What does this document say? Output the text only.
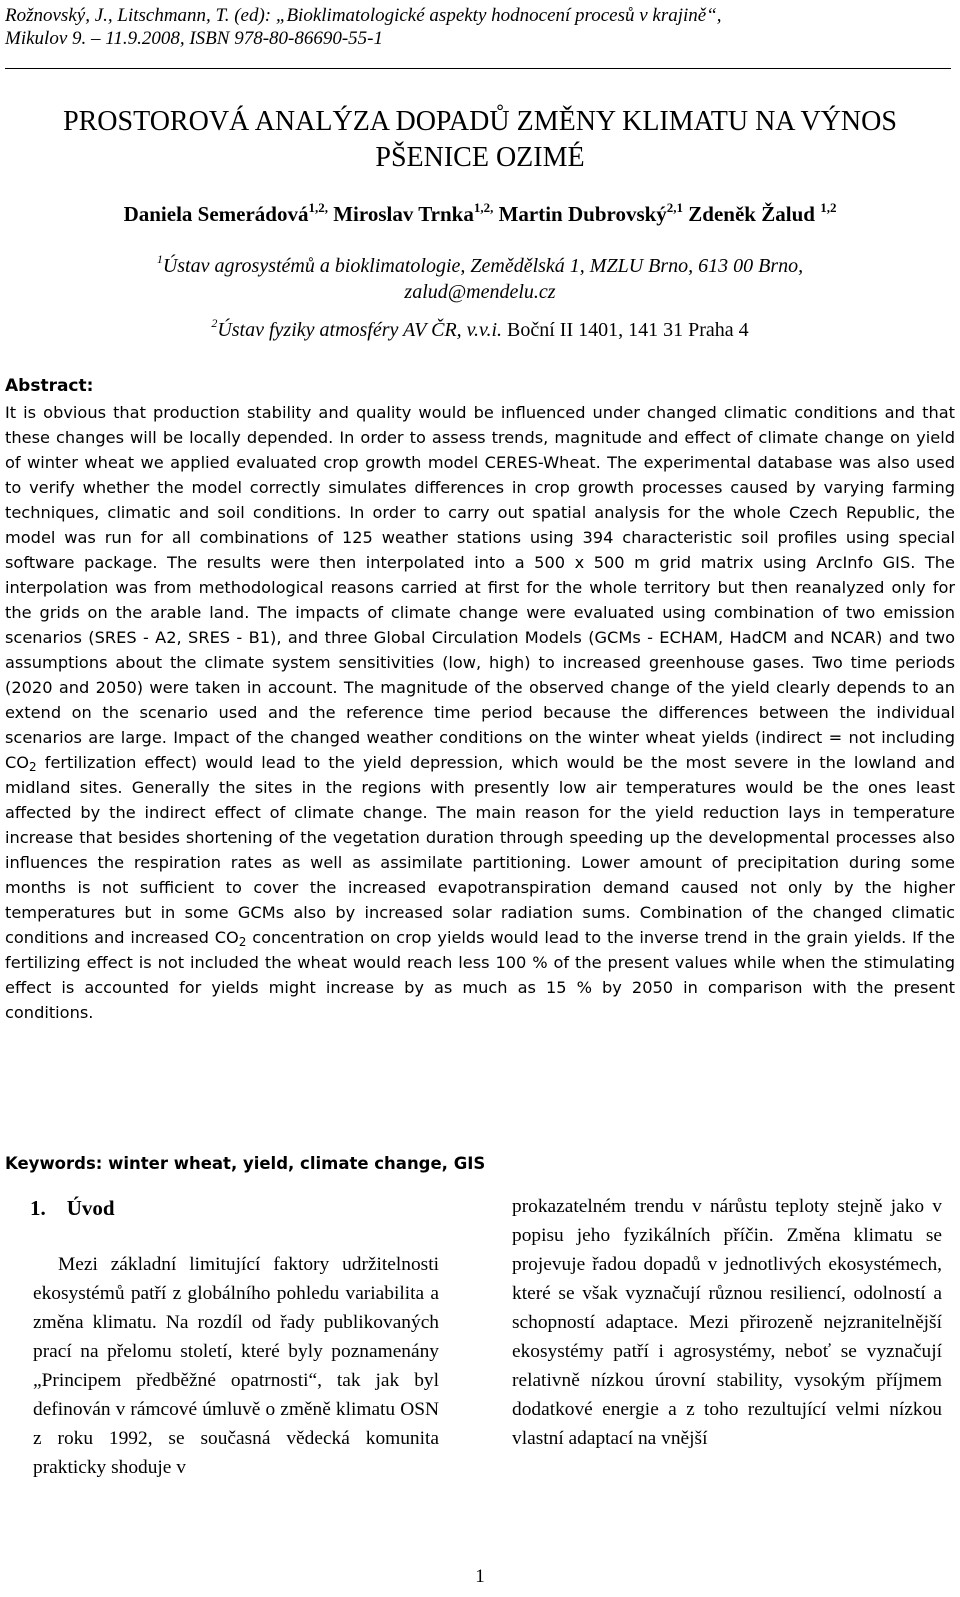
Rožnovský, J., Litschmann, T. (ed): „Bioklimatologické aspekty hodnocení procesů v krajině“,
Mikulov 9. – 11.9.2008, ISBN 978-80-86690-55-1
PROSTOROVÁ ANALÝZA DOPADŮ ZMĚNY KLIMATU NA VÝNOS
PŠENICE OZIMÉ
Daniela Semerádová$^{1,2,}$ Miroslav Trnka$^{1,2,}$ Martin Dubrovský$^{2,1}$ Zdeněk Žalud $^{1,2}$
$^1$Ústav agrosystémů a bioklimatologie, Zemědělská 1, MZLU Brno, 613 00 Brno,
zalud@mendelu.cz
$^2$Ústav fyziky atmosféry AV ČR, v.v.i. Boční II 1401, 141 31 Praha 4
Abstract:

It is obvious that production stability and quality would be influenced under changed climatic conditions and that these changes will be locally depended. In order to assess trends, magnitude and effect of climate change on yield of winter wheat we applied evaluated crop growth model CERES-Wheat. The experimental database was also used to verify whether the model correctly simulates differences in crop growth processes caused by varying farming techniques, climatic and soil conditions. In order to carry out spatial analysis for the whole Czech Republic, the model was run for all combinations of 125 weather stations using 394 characteristic soil profiles using special software package. The results were then interpolated into a 500 x 500 m grid matrix using ArcInfo GIS. The interpolation was from methodological reasons carried at first for the whole territory but then reanalyzed only for the grids on the arable land. The impacts of climate change were evaluated using combination of two emission scenarios (SRES - A2, SRES - B1), and three Global Circulation Models (GCMs - ECHAM, HadCM and NCAR) and two assumptions about the climate system sensitivities (low, high) to increased greenhouse gases. Two time periods (2020 and 2050) were taken in account. The magnitude of the observed change of the yield clearly depends to an extend on the scenario used and the reference time period because the differences between the individual scenarios are large. Impact of the changed weather conditions on the winter wheat yields (indirect = not including $CO_2$ fertilization effect) would lead to the yield depression, which would be the most severe in the lowland and midland sites. Generally the sites in the regions with presently low air temperatures would be the ones least affected by the indirect effect of climate change. The main reason for the yield reduction lays in temperature increase that besides shortening of the vegetation duration through speeding up the developmental processes also influences the respiration rates as well as assimilate partitioning. Lower amount of precipitation during some months is not sufficient to cover the increased evapotranspiration demand caused not only by the higher temperatures but in some GCMs also by increased solar radiation sums. Combination of the changed climatic conditions and increased $CO_2$ concentration on crop yields would lead to the inverse trend in the grain yields. If the fertilizing effect is not included the wheat would reach less 100 % of the present values while when the stimulating effect is accounted for yields might increase by as much as 15 % by 2050 in comparison with the present conditions.

Keywords: winter wheat, yield, climate change, GIS
1. Úvod

Mezi základní limitující faktory udržitelnosti ekosystémů patří z globálního pohledu variabilita a změna klimatu. Na rozdíl od řady publikovaných prací na přelomu století, které byly poznamenány „Principem předběžné opatrnosti“, tak jak byl definován v rámcové úmluvě o změně klimatu OSN z roku 1992, se současná vědecká komunita prakticky shoduje v

prokazatelném trendu v nárůstu teploty stejně jako v popisu jeho fyzikálních příčin. Změna klimatu se projevuje řadou dopadů v jednotlivých ekosystémech, které se však vyznačují různou resiliencí, odolností a schopností adaptace. Mezi přirozeně nejzranitelnější ekosystémy patří i agrosystémy, neboť se vyznačují relativně nízkou úrovní stability, vysokým příjmem dodatkové energie a z toho rezultující velmi nízkou vlastní adaptací na vnější

1
